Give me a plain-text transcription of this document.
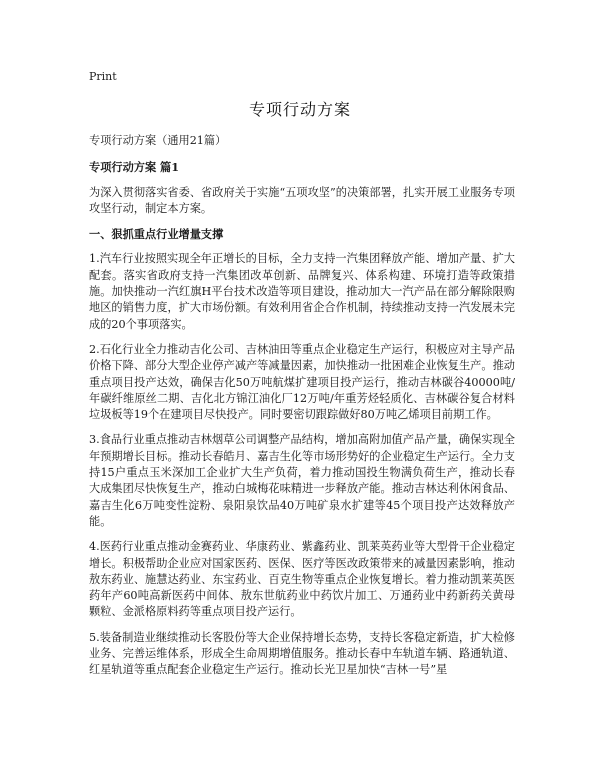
Print
专项行动方案

专项行动方案（通用21篇）

专项行动方案 篇1

为深入贯彻落实省委、省政府关于实施“五项攻坚”的决策部署，扎实开展工业服务专项攻坚行动，制定本方案。

一、狠抓重点行业增量支撑

1.汽车行业按照实现全年正增长的目标，全力支持一汽集团释放产能、增加产量、扩大配套。落实省政府支持一汽集团改革创新、品牌复兴、体系构建、环境打造等政策措施。加快推动一汽红旗H平台技术改造等项目建设，推动加大一汽产品在部分解除限购地区的销售力度，扩大市场份额。有效利用省企合作机制，持续推动支持一汽发展未完成的20个事项落实。

2.石化行业全力推动吉化公司、吉林油田等重点企业稳定生产运行，积极应对主导产品价格下降、部分大型企业停产减产等减量因素，加快推动一批困难企业恢复生产。推动重点项目投产达效，确保吉化50万吨航煤扩建项目投产运行，推动吉林碳谷40000吨/年碳纤维原丝二期、吉化北方锦江油化厂12万吨/年重芳烃轻质化、吉林碳谷复合材料垃圾板等19个在建项目尽快投产。同时要密切跟踪做好80万吨乙烯项目前期工作。

3.食品行业重点推动吉林烟草公司调整产品结构，增加高附加值产品产量，确保实现全年预期增长目标。推动长春皓月、嘉吉生化等市场形势好的企业稳定生产运行。全力支持15户重点玉米深加工企业扩大生产负荷，着力推动国投生物满负荷生产，推动长春大成集团尽快恢复生产，推动白城梅花味精进一步释放产能。推动吉林达利休闲食品、嘉吉生化6万吨变性淀粉、泉阳泉饮品40万吨矿泉水扩建等45个项目投产达效释放产能。

4.医药行业重点推动金赛药业、华康药业、紫鑫药业、凯莱英药业等大型骨干企业稳定增长。积极帮助企业应对国家医药、医保、医疗等医改政策带来的减量因素影响，推动敖东药业、施慧达药业、东宝药业、百克生物等重点企业恢复增长。着力推动凯莱英医药年产60吨高新医药中间体、敖东世航药业中药饮片加工、万通药业中药新药关黄母颗粒、金派格原料药等重点项目投产运行。

5.装备制造业继续推动长客股份等大企业保持增长态势，支持长客稳定新造，扩大检修业务、完善运维体系，形成全生命周期增值服务。推动长春中车轨道车辆、路通轨道、红星轨道等重点配套企业稳定生产运行。推动长光卫星加快“吉林一号”星
